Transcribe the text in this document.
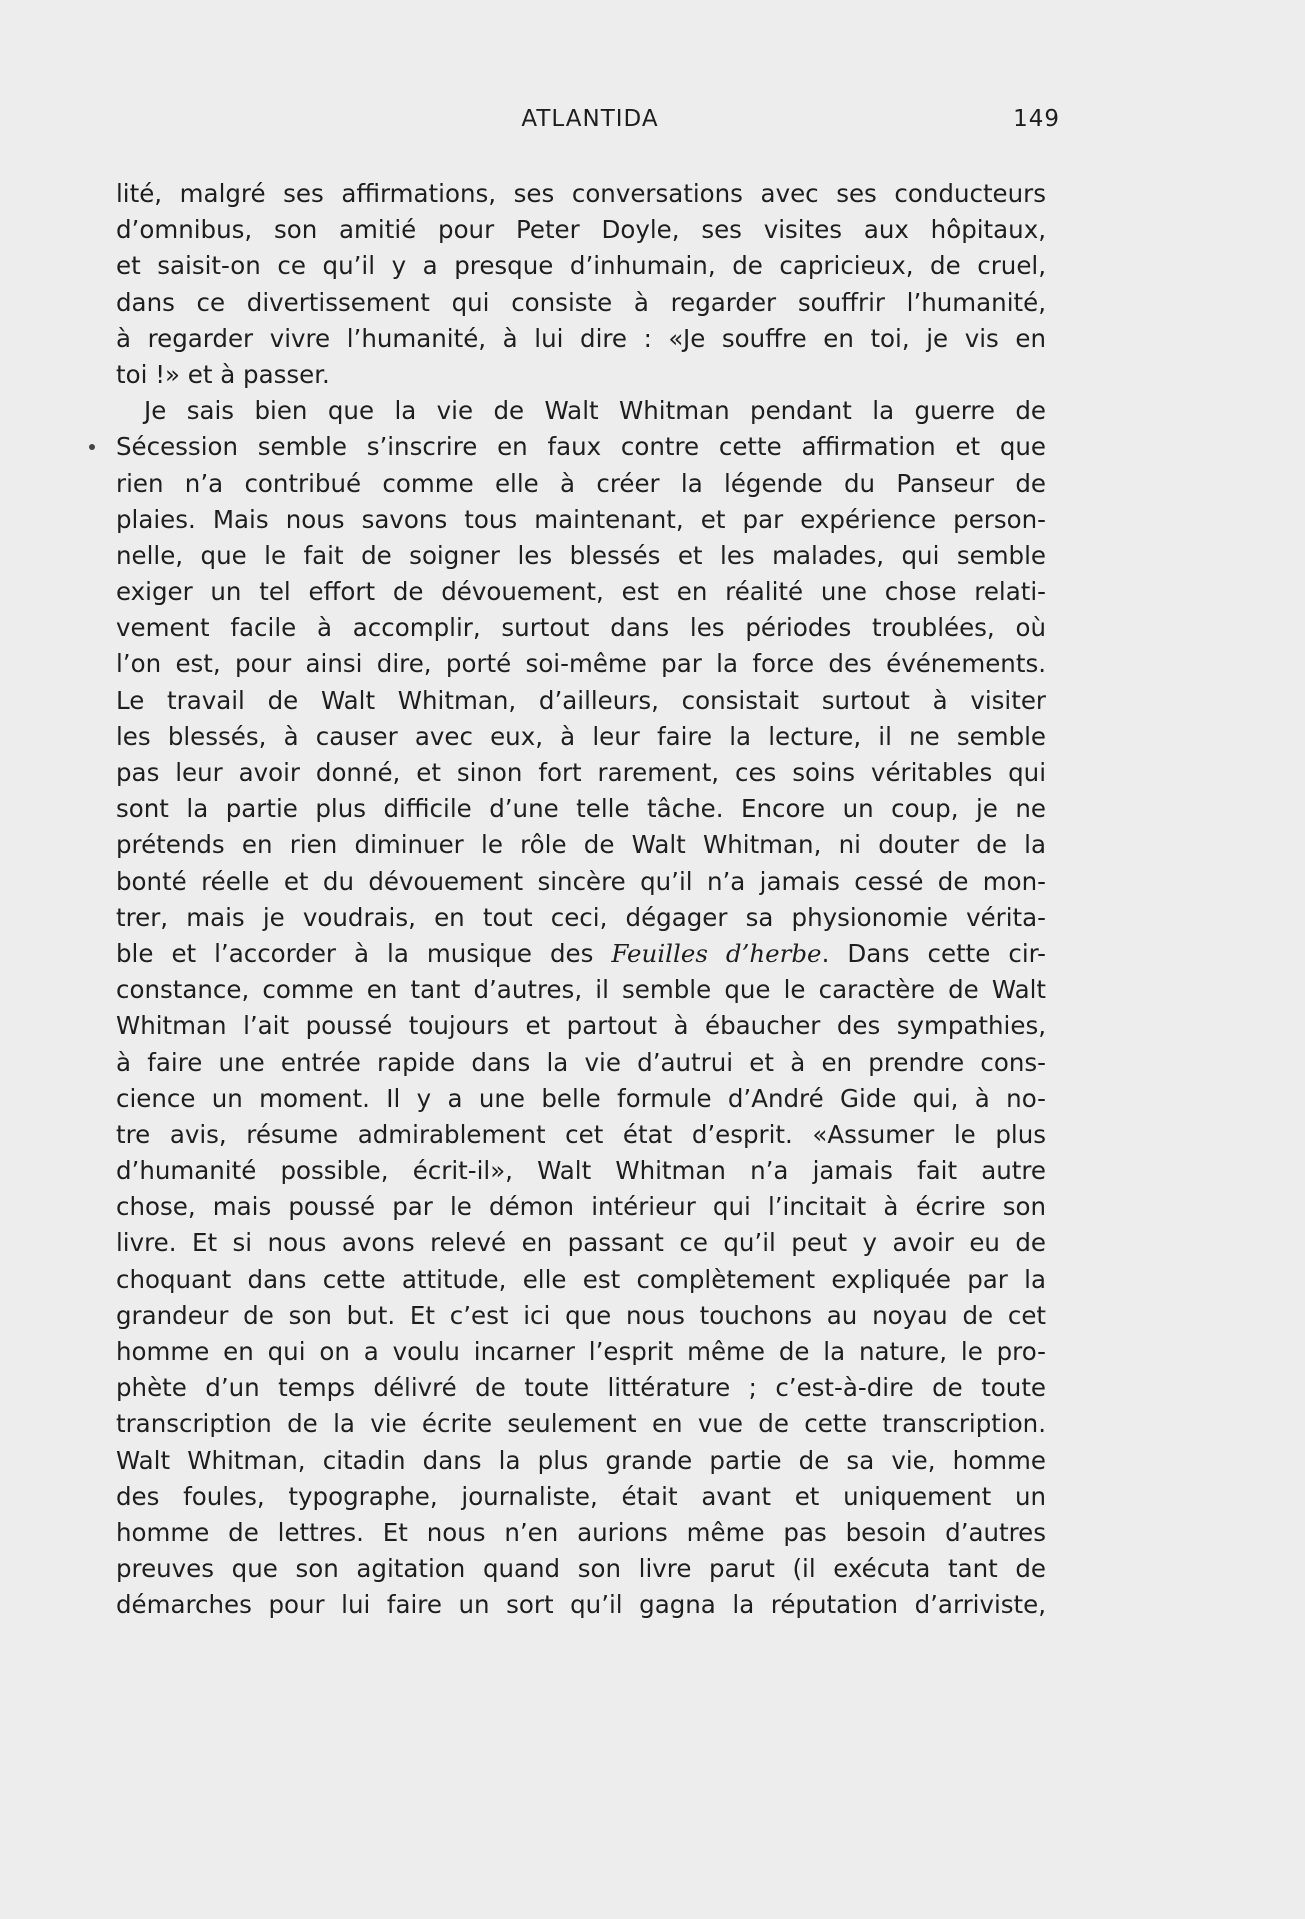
ATLANTIDA	149
lité, malgré ses affirmations, ses conversations avec ses conducteurs
d’omnibus, son amitié pour Peter Doyle, ses visites aux hôpitaux,
et saisit-on ce qu’il y a presque d’inhumain, de capricieux, de cruel,
dans ce divertissement qui consiste à regarder souffrir l’humanité,
à regarder vivre l’humanité, à lui dire : «Je souffre en toi, je vis en
toi !» et à passer.
Je sais bien que la vie de Walt Whitman pendant la guerre de
Sécession semble s’inscrire en faux contre cette affirmation et que
rien n’a contribué comme elle à créer la légende du Panseur de
plaies. Mais nous savons tous maintenant, et par expérience person-
nelle, que le fait de soigner les blessés et les malades, qui semble
exiger un tel effort de dévouement, est en réalité une chose relati-
vement facile à accomplir, surtout dans les périodes troublées, où
l’on est, pour ainsi dire, porté soi-même par la force des événements.
Le travail de Walt Whitman, d’ailleurs, consistait surtout à visiter
les blessés, à causer avec eux, à leur faire la lecture, il ne semble
pas leur avoir donné, et sinon fort rarement, ces soins véritables qui
sont la partie plus difficile d’une telle tâche. Encore un coup, je ne
prétends en rien diminuer le rôle de Walt Whitman, ni douter de la
bonté réelle et du dévouement sincère qu’il n’a jamais cessé de mon-
trer, mais je voudrais, en tout ceci, dégager sa physionomie vérita-
ble et l’accorder à la musique des Feuilles d’herbe. Dans cette cir-
constance, comme en tant d’autres, il semble que le caractère de Walt
Whitman l’ait poussé toujours et partout à ébaucher des sympathies,
à faire une entrée rapide dans la vie d’autrui et à en prendre cons-
cience un moment. Il y a une belle formule d’André Gide qui, à no-
tre avis, résume admirablement cet état d’esprit. «Assumer le plus
d’humanité possible, écrit-il», Walt Whitman n’a jamais fait autre
chose, mais poussé par le démon intérieur qui l’incitait à écrire son
livre. Et si nous avons relevé en passant ce qu’il peut y avoir eu de
choquant dans cette attitude, elle est complètement expliquée par la
grandeur de son but. Et c’est ici que nous touchons au noyau de cet
homme en qui on a voulu incarner l’esprit même de la nature, le pro-
phète d’un temps délivré de toute littérature ; c’est-à-dire de toute
transcription de la vie écrite seulement en vue de cette transcription.
Walt Whitman, citadin dans la plus grande partie de sa vie, homme
des foules, typographe, journaliste, était avant et uniquement un
homme de lettres. Et nous n’en aurions même pas besoin d’autres
preuves que son agitation quand son livre parut (il exécuta tant de
démarches pour lui faire un sort qu’il gagna la réputation d’arriviste,
